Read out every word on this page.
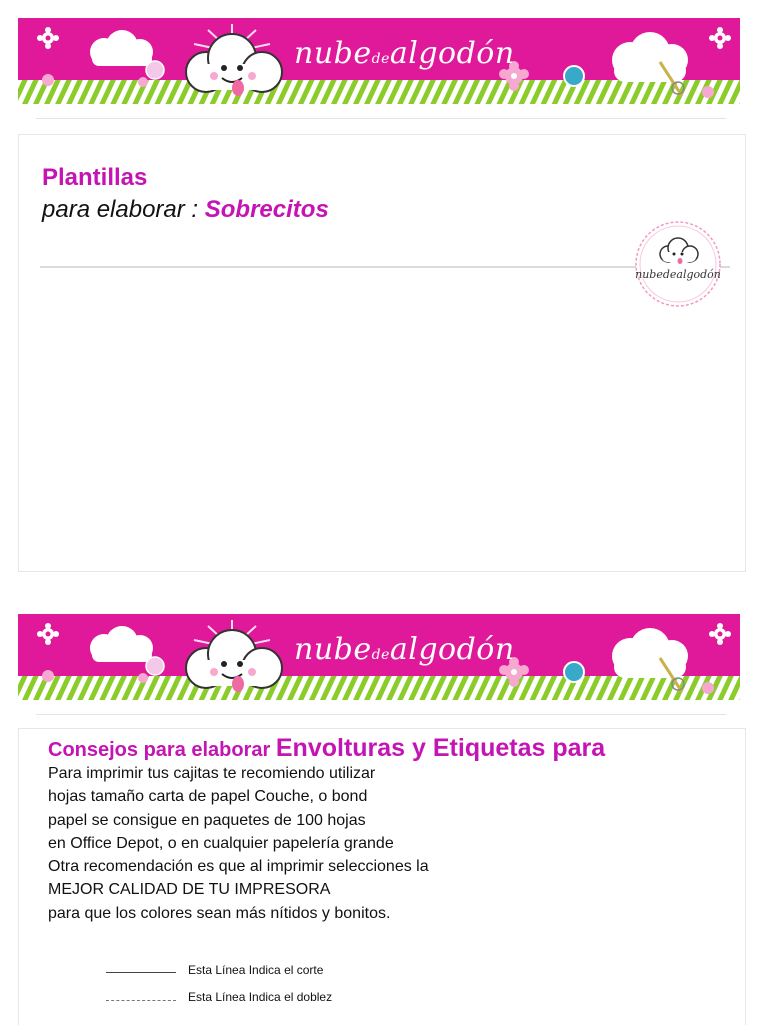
nubedealgodón
Plantillas
para elaborar : Sobrecitos
nubedealgodón
nubedealgodón
Consejos para elaborar Envolturas y Etiquetas para
Para imprimir tus cajitas te recomiendo utilizar
hojas tamaño carta de papel Couche, o bond
papel se consigue en paquetes de 100 hojas
en Office Depot, o en cualquier papelería grande
Otra recomendación es que al imprimir selecciones la
MEJOR CALIDAD DE TU IMPRESORA
para que los colores sean más nítidos y bonitos.
Esta Línea Indica el corte
Esta Línea Indica el doblez
